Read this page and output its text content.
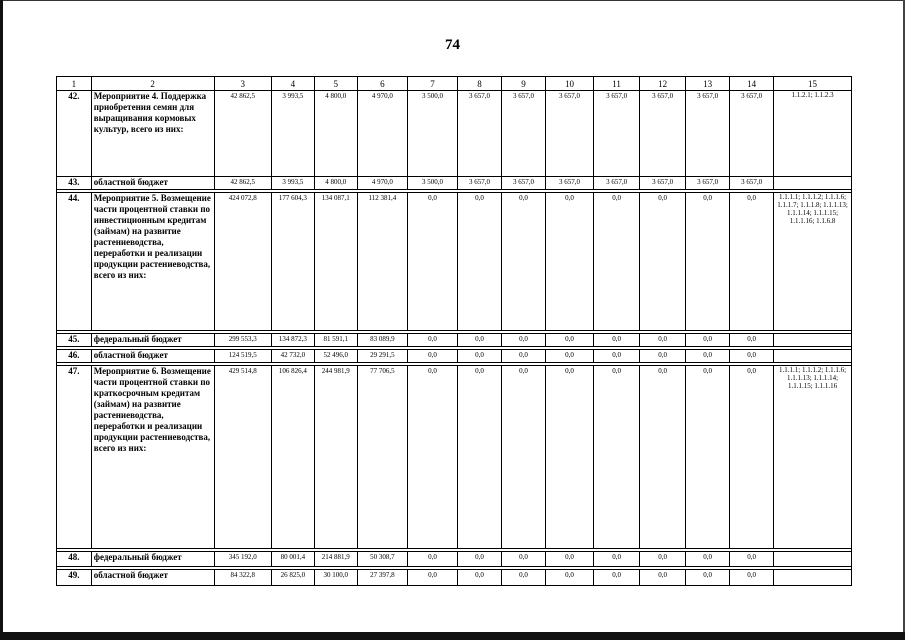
74
1	2	3	4	5	6	7	8	9	10	11	12	13	14	15
42.	Мероприятие 4. Поддержка приобретения семян для выращивания кормовых культур, всего из них:	42 862,5	3 993,5	4 800,0	4 970,0	3 500,0	3 657,0	3 657,0	3 657,0	3 657,0	3 657,0	3 657,0	3 657,0	1.1.2.1; 1.1.2.3
43.	областной бюджет	42 862,5	3 993,5	4 800,0	4 970,0	3 500,0	3 657,0	3 657,0	3 657,0	3 657,0	3 657,0	3 657,0	3 657,0	

44.	Мероприятие 5. Возмещение части процентной ставки по инвестиционным кредитам (займам) на развитие растениеводства, переработки и реализации продукции растениеводства, всего из них:	424 072,8	177 604,3	134 087,1	112 381,4	0,0	0,0	0,0	0,0	0,0	0,0	0,0	0,0	1.1.1.1; 1.1.1.2; 1.1.1.6; 1.1.1.7; 1.1.1.8; 1.1.1.13; 1.1.1.14; 1.1.1.15; 1.1.1.16; 1.1.6.8

45.	федеральный бюджет	299 553,3	134 872,3	81 591,1	83 089,9	0,0	0,0	0,0	0,0	0,0	0,0	0,0	0,0	

46.	областной бюджет	124 519,5	42 732,0	52 496,0	29 291,5	0,0	0,0	0,0	0,0	0,0	0,0	0,0	0,0	

47.	Мероприятие 6. Возмещение части процентной ставки по краткосрочным кредитам (займам) на развитие растениеводства, переработки и реализации продукции растениеводства, всего из них:	429 514,8	106 826,4	244 981,9	77 706,5	0,0	0,0	0,0	0,0	0,0	0,0	0,0	0,0	1.1.1.1; 1.1.1.2; 1.1.1.6; 1.1.1.13; 1.1.1.14; 1.1.1.15; 1.1.1.16

48.	федеральный бюджет	345 192,0	80 001,4	214 881,9	50 308,7	0,0	0,0	0,0	0,0	0,0	0,0	0,0	0,0	

49.	областной бюджет	84 322,8	26 825,0	30 100,0	27 397,8	0,0	0,0	0,0	0,0	0,0	0,0	0,0	0,0	
